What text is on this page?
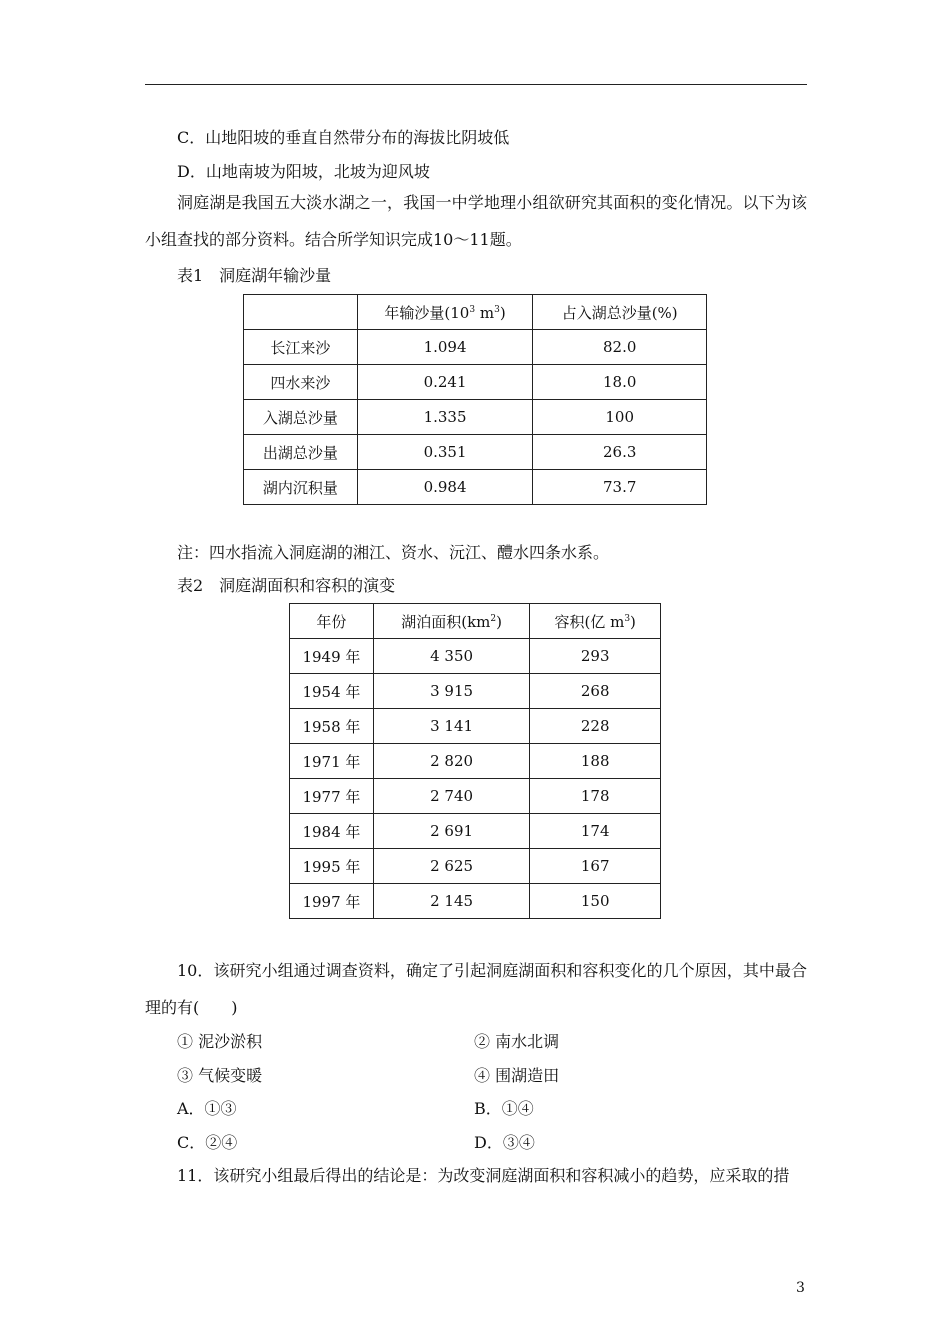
C．山地阳坡的垂直自然带分布的海拔比阴坡低
D．山地南坡为阳坡，北坡为迎风坡
洞庭湖是我国五大淡水湖之一，我国一中学地理小组欲研究其面积的变化情况。以下为该小组查找的部分资料。结合所学知识完成10～11题。
表1　洞庭湖年输沙量
	年输沙量($10^3$ $m^3$)	占入湖总沙量(%)
长江来沙	1.094	82.0
四水来沙	0.241	18.0
入湖总沙量	1.335	100
出湖总沙量	0.351	26.3
湖内沉积量	0.984	73.7
注：四水指流入洞庭湖的湘江、资水、沅江、醴水四条水系。
表2　洞庭湖面积和容积的演变
年份	湖泊面积$(km^2)$	容积(亿 $m^3$)
1949 年	4 350	293
1954 年	3 915	268
1958 年	3 141	228
1971 年	2 820	188
1977 年	2 740	178
1984 年	2 691	174
1995 年	2 625	167
1997 年	2 145	150
10．该研究小组通过调查资料，确定了引起洞庭湖面积和容积变化的几个原因，其中最合理的有(　　)
① 泥沙淤积	② 南水北调
③ 气候变暖	④ 围湖造田
A．①③	B．①④
C．②④	D．③④
11．该研究小组最后得出的结论是：为改变洞庭湖面积和容积减小的趋势，应采取的措
3
